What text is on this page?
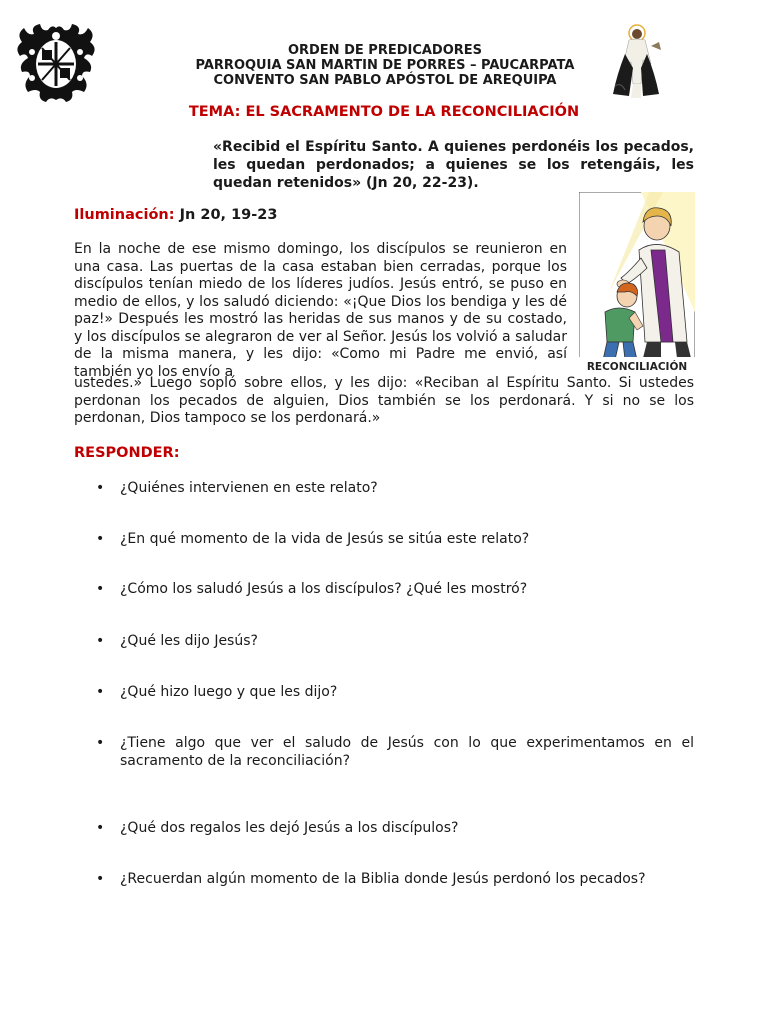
ORDEN DE PREDICADORES
PARROQUIA SAN MARTIN DE PORRES – PAUCARPATA
CONVENTO SAN PABLO APÓSTOL DE AREQUIPA
TEMA: EL SACRAMENTO DE LA RECONCILIACIÓN
«Recibid el Espíritu Santo. A quienes perdonéis los pecados, les quedan perdonados; a quienes se los retengáis, les quedan retenidos» (Jn 20, 22-23).
Iluminación: Jn 20, 19-23
RECONCILIACIÓN
En la noche de ese mismo domingo, los discípulos se reunieron en una casa. Las puertas de la casa estaban bien cerradas, porque los discípulos tenían miedo de los líderes judíos. Jesús entró, se puso en medio de ellos, y los saludó diciendo: «¡Que Dios los bendiga y les dé paz!» Después les mostró las heridas de sus manos y de su costado, y los discípulos se alegraron de ver al Señor. Jesús los volvió a saludar de la misma manera, y les dijo: «Como mi Padre me envió, así también yo los envío a
ustedes.» Luego sopló sobre ellos, y les dijo: «Reciban al Espíritu Santo. Si ustedes perdonan los pecados de alguien, Dios también se los perdonará. Y si no se los perdonan, Dios tampoco se los perdonará.»
RESPONDER:
• ¿Quiénes intervienen en este relato?
• ¿En qué momento de la vida de Jesús se sitúa este relato?
• ¿Cómo los saludó Jesús a los discípulos? ¿Qué les mostró?
• ¿Qué les dijo Jesús?
• ¿Qué hizo luego y que les dijo?
• ¿Tiene algo que ver el saludo de Jesús con lo que experimentamos en el sacramento de la reconciliación?
• ¿Qué dos regalos les dejó Jesús a los discípulos?
• ¿Recuerdan algún momento de la Biblia donde Jesús perdonó los pecados?
